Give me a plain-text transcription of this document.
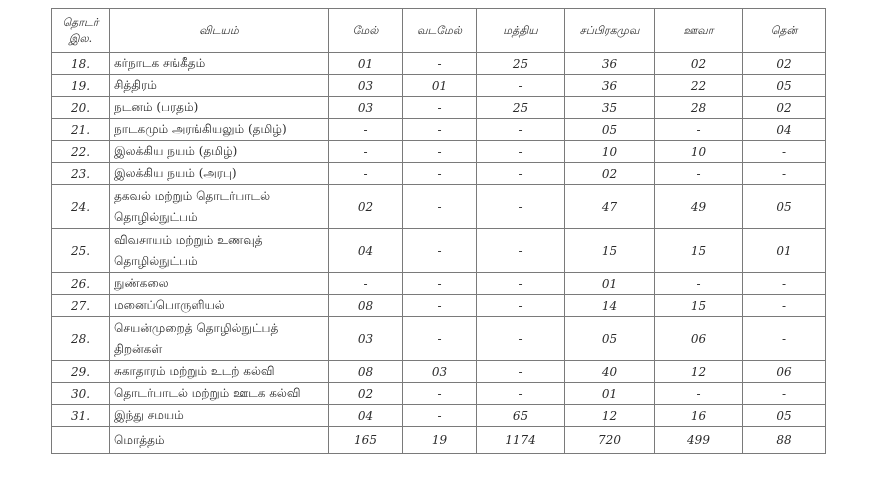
தொடர் இல.	விடயம்	மேல்	வடமேல்	மத்திய	சப்பிரகமுவ	ஊவா	தென்
18.	கர்நாடக சங்கீதம்	01	-	25	36	02	02
19.	சித்திரம்	03	01	-	36	22	05
20.	நடனம் (பரதம்)	03	-	25	35	28	02
21.	நாடகமும் அரங்கியலும் (தமிழ்)	-	-	-	05	-	04
22.	இலக்கிய நயம் (தமிழ்)	-	-	-	10	10	-
23.	இலக்கிய நயம் (அரபு)	-	-	-	02	-	-
24.	தகவல் மற்றும் தொடர்பாடல் தொழில்நுட்பம்	02	-	-	47	49	05
25.	விவசாயம் மற்றும் உணவுத் தொழில்நுட்பம்	04	-	-	15	15	01
26.	நுண்கலை	-	-	-	01	-	-
27.	மனைப்பொருளியல்	08	-	-	14	15	-
28.	செயன்முறைத் தொழில்நுட்பத் திறன்கள்	03	-	-	05	06	-
29.	சுகாதாரம் மற்றும் உடற் கல்வி	08	03	-	40	12	06
30.	தொடர்பாடல் மற்றும் ஊடக கல்வி	02	-	-	01	-	-
31.	இந்து சமயம்	04	-	65	12	16	05
	மொத்தம்	165	19	1174	720	499	88
